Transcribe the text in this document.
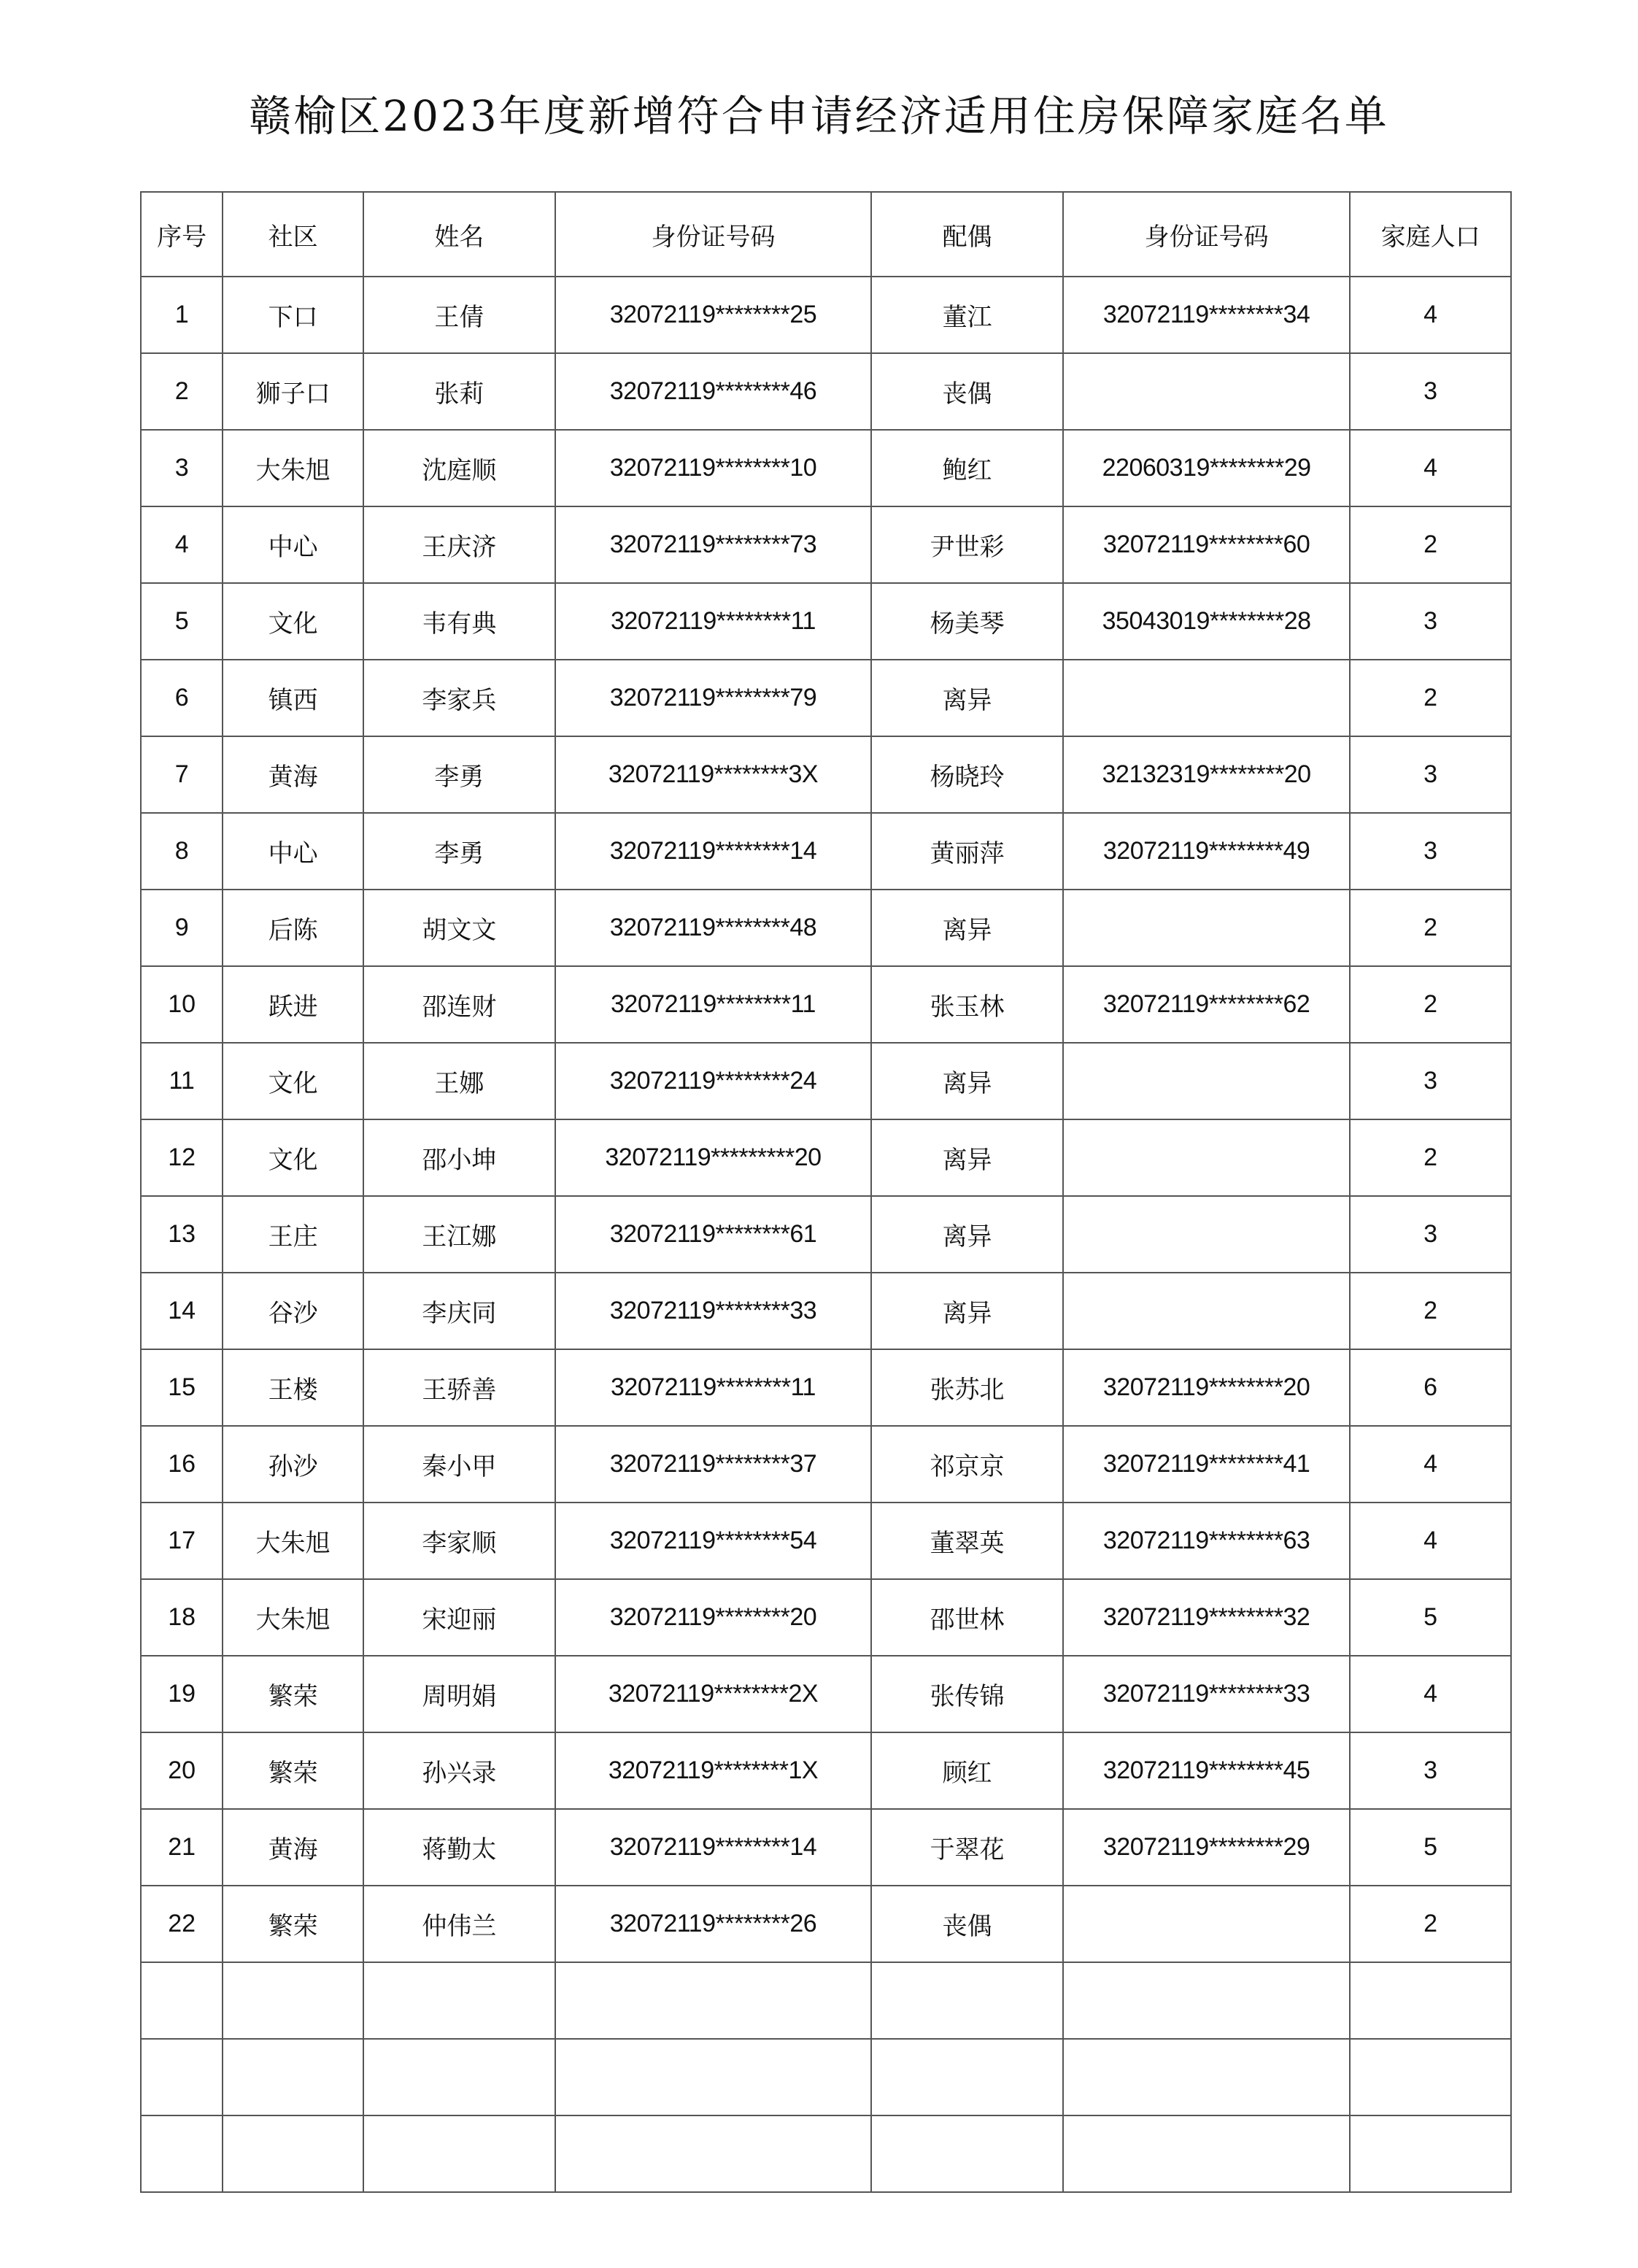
赣榆区2023年度新增符合申请经济适用住房保障家庭名单
序号	社区	姓名	身份证号码	配偶	身份证号码	家庭人口
1	下口	王倩	32072119********25	董江	32072119********34	4
2	狮子口	张莉	32072119********46	丧偶		3
3	大朱旭	沈庭顺	32072119********10	鲍红	22060319********29	4
4	中心	王庆济	32072119********73	尹世彩	32072119********60	2
5	文化	韦有典	32072119********11	杨美琴	35043019********28	3
6	镇西	李家兵	32072119********79	离异		2
7	黄海	李勇	32072119********3X	杨晓玲	32132319********20	3
8	中心	李勇	32072119********14	黄丽萍	32072119********49	3
9	后陈	胡文文	32072119********48	离异		2
10	跃进	邵连财	32072119********11	张玉林	32072119********62	2
11	文化	王娜	32072119********24	离异		3
12	文化	邵小坤	32072119*********20	离异		2
13	王庄	王江娜	32072119********61	离异		3
14	谷沙	李庆同	32072119********33	离异		2
15	王楼	王骄善	32072119********11	张苏北	32072119********20	6
16	孙沙	秦小甲	32072119********37	祁京京	32072119********41	4
17	大朱旭	李家顺	32072119********54	董翠英	32072119********63	4
18	大朱旭	宋迎丽	32072119********20	邵世林	32072119********32	5
19	繁荣	周明娟	32072119********2X	张传锦	32072119********33	4
20	繁荣	孙兴录	32072119********1X	顾红	32072119********45	3
21	黄海	蒋勤太	32072119********14	于翠花	32072119********29	5
22	繁荣	仲伟兰	32072119********26	丧偶		2
